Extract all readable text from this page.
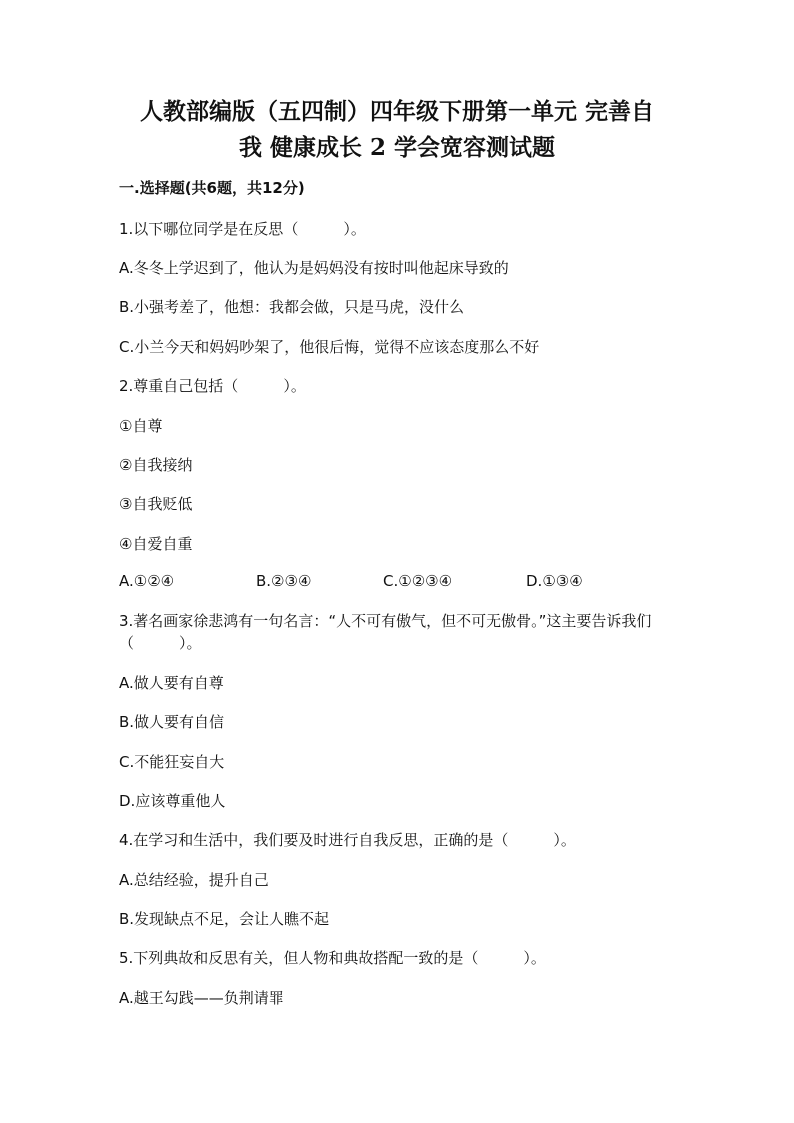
人教部编版（五四制）四年级下册第一单元 完善自
我 健康成长 2 学会宽容测试题
一.选择题(共6题，共12分)
1.以下哪位同学是在反思（　　　）。
A.冬冬上学迟到了，他认为是妈妈没有按时叫他起床导致的
B.小强考差了，他想：我都会做，只是马虎，没什么
C.小兰今天和妈妈吵架了，他很后悔，觉得不应该态度那么不好
2.尊重自己包括（　　　）。
①自尊
②自我接纳
③自我贬低
④自爱自重
A.①②④	B.②③④	C.①②③④	D.①③④
3.著名画家徐悲鸿有一句名言：“人不可有傲气，但不可无傲骨。”这主要告诉我们（　　　）。
A.做人要有自尊
B.做人要有自信
C.不能狂妄自大
D.应该尊重他人
4.在学习和生活中，我们要及时进行自我反思，正确的是（　　　）。
A.总结经验，提升自己
B.发现缺点不足，会让人瞧不起
5.下列典故和反思有关，但人物和典故搭配一致的是（　　　）。
A.越王勾践——负荆请罪
